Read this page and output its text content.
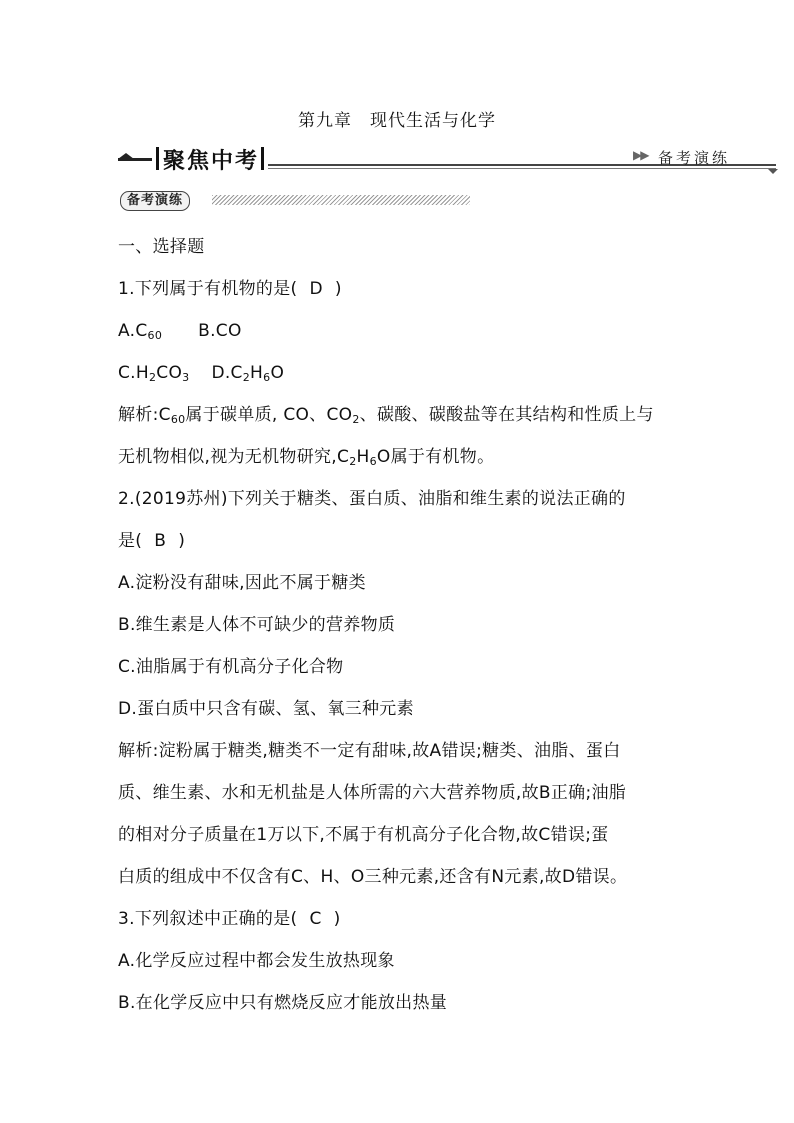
第九章　现代生活与化学
聚焦中考	▶▶ 备考演练
备考演练
一、选择题
1.下列属于有机物的是( D )
$A.C_{60}$ B.CO
$C.H_2CO_3$ $D.C_2H_6O$
解析$:C_{60}$属于碳单质, CO、$CO_2$、碳酸、碳酸盐等在其结构和性质上与
无机物相似,视为无机物研究$,C_2H_6O$属于有机物。
2.(2019苏州)下列关于糖类、蛋白质、油脂和维生素的说法正确的
是( B )
A.淀粉没有甜味,因此不属于糖类
B.维生素是人体不可缺少的营养物质
C.油脂属于有机高分子化合物
D.蛋白质中只含有碳、氢、氧三种元素
解析:淀粉属于糖类,糖类不一定有甜味,故A错误;糖类、油脂、蛋白
质、维生素、水和无机盐是人体所需的六大营养物质,故B正确;油脂
的相对分子质量在1万以下,不属于有机高分子化合物,故C错误;蛋
白质的组成中不仅含有C、H、O三种元素,还含有N元素,故D错误。
3.下列叙述中正确的是( C )
A.化学反应过程中都会发生放热现象
B.在化学反应中只有燃烧反应才能放出热量
